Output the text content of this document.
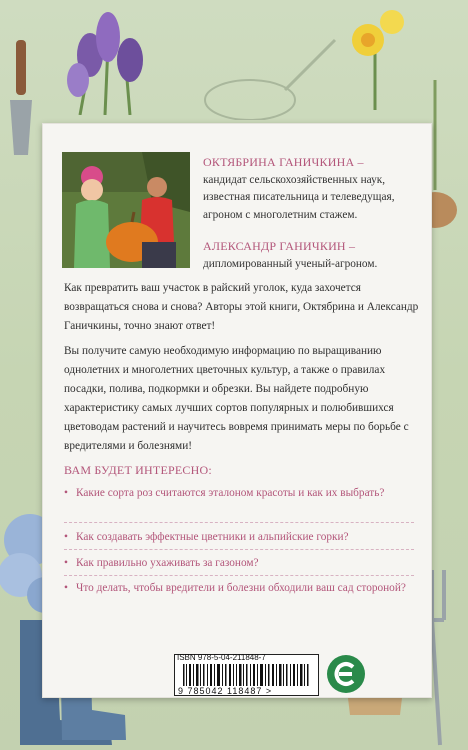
ОКТЯБРИНА ГАНИЧКИНА –
кандидат сельскохозяйственных наук, известная писательница и телеведущая, агроном с многолетним стажем.
АЛЕКСАНДР ГАНИЧКИН –
дипломированный ученый-агроном.
Как превратить ваш участок в райский уголок, куда захочется возвращаться снова и снова? Авторы этой книги, Октябрина и Александр Ганичкины, точно знают ответ!
Вы получите самую необходимую информацию по выращиванию однолетних и многолетних цветочных культур, а также о правилах посадки, полива, подкормки и обрезки. Вы найдете подробную характеристику самых лучших сортов популярных и полюбившихся цветоводам растений и научитесь вовремя принимать меры по борьбе с вредителями и болезнями!
ВАМ БУДЕТ ИНТЕРЕСНО:
• Какие сорта роз считаются эталоном красоты и как их выбрать?
• Как создавать эффектные цветники и альпийские горки?
• Как правильно ухаживать за газоном?
• Что делать, чтобы вредители и болезни обходили ваш сад стороной?
ISBN 978-5-04-211848-7
9 785042 118487 >
